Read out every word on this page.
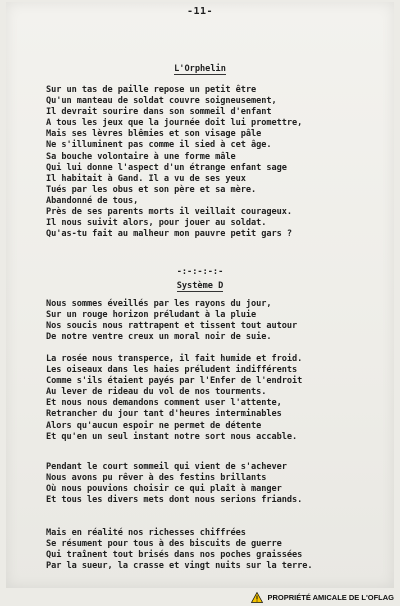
-11-
L'Orphelin
Sur un tas de paille repose un petit être
Qu'un manteau de soldat couvre soigneusement,
Il devrait sourire dans son sommeil d'enfant
A tous les jeux que la journée doit lui promettre,
Mais ses lèvres blêmies et son visage pâle
Ne s'illuminent pas comme il sied à cet âge.
Sa bouche volontaire à une forme mâle
Qui lui donne l'aspect d'un étrange enfant sage
Il habitait à Gand. Il a vu de ses yeux
Tués par les obus et son père et sa mère.
Abandonné de tous,
Près de ses parents morts il veillait courageux.
Il nous suivit alors, pour jouer au soldat.
Qu'as-tu fait au malheur mon pauvre petit gars ?
-:-:-:-:-
Système D
Nous sommes éveillés par les rayons du jour,
Sur un rouge horizon préludant à la pluie
Nos soucis nous rattrapent et tissent tout autour
De notre ventre creux un moral noir de suie.
La rosée nous transperce, il fait humide et froid.
Les oiseaux dans les haies préludent indifférents
Comme s'ils étaient payés par l'Enfer de l'endroit
Au lever de rideau du vol de nos tourments.
Et nous nous demandons comment user l'attente,
Retrancher du jour tant d'heures interminables
Alors qu'aucun espoir ne permet de détente
Et qu'en un seul instant notre sort nous accable.
Pendant le court sommeil qui vient de s'achever
Nous avons pu rêver à des festins brillants
Où nous pouvions choisir ce qui plaît à manger
Et tous les divers mets dont nous serions friands.
Mais en réalité nos richesses chiffrées
Se résument pour tous à des biscuits de guerre
Qui traînent tout brisés dans nos poches graissées
Par la sueur, la crasse et vingt nuits sur la terre.
PROPRIÉTÉ AMICALE DE L'OFLAG
